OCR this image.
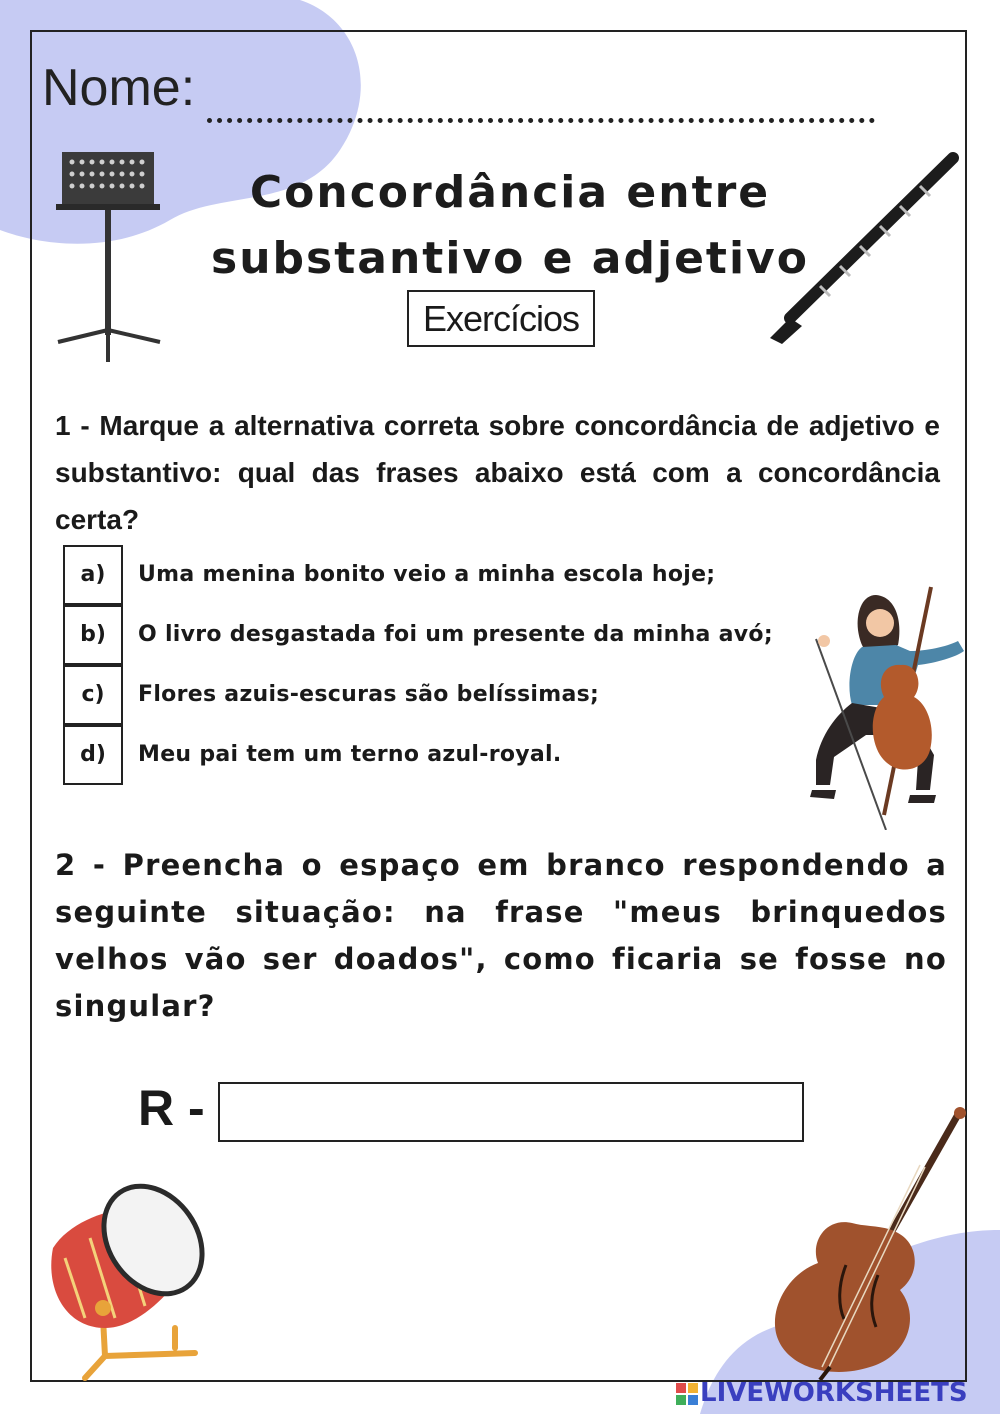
Nome:
Concordância entre
substantivo e adjetivo
Exercícios
1 - Marque a alternativa correta sobre concordância de adjetivo e substantivo: qual das frases abaixo está com a concordância certa?
a)	Uma menina bonito veio a minha escola hoje;
b)	O livro desgastada foi um presente da minha avó;
c)	Flores azuis-escuras são belíssimas;
d)	Meu pai tem um terno azul-royal.
2 - Preencha o espaço em branco respondendo a seguinte situação: na frase "meus brinquedos velhos vão ser doados", como ficaria se fosse no singular?
R -
LIVEWORKSHEETS
